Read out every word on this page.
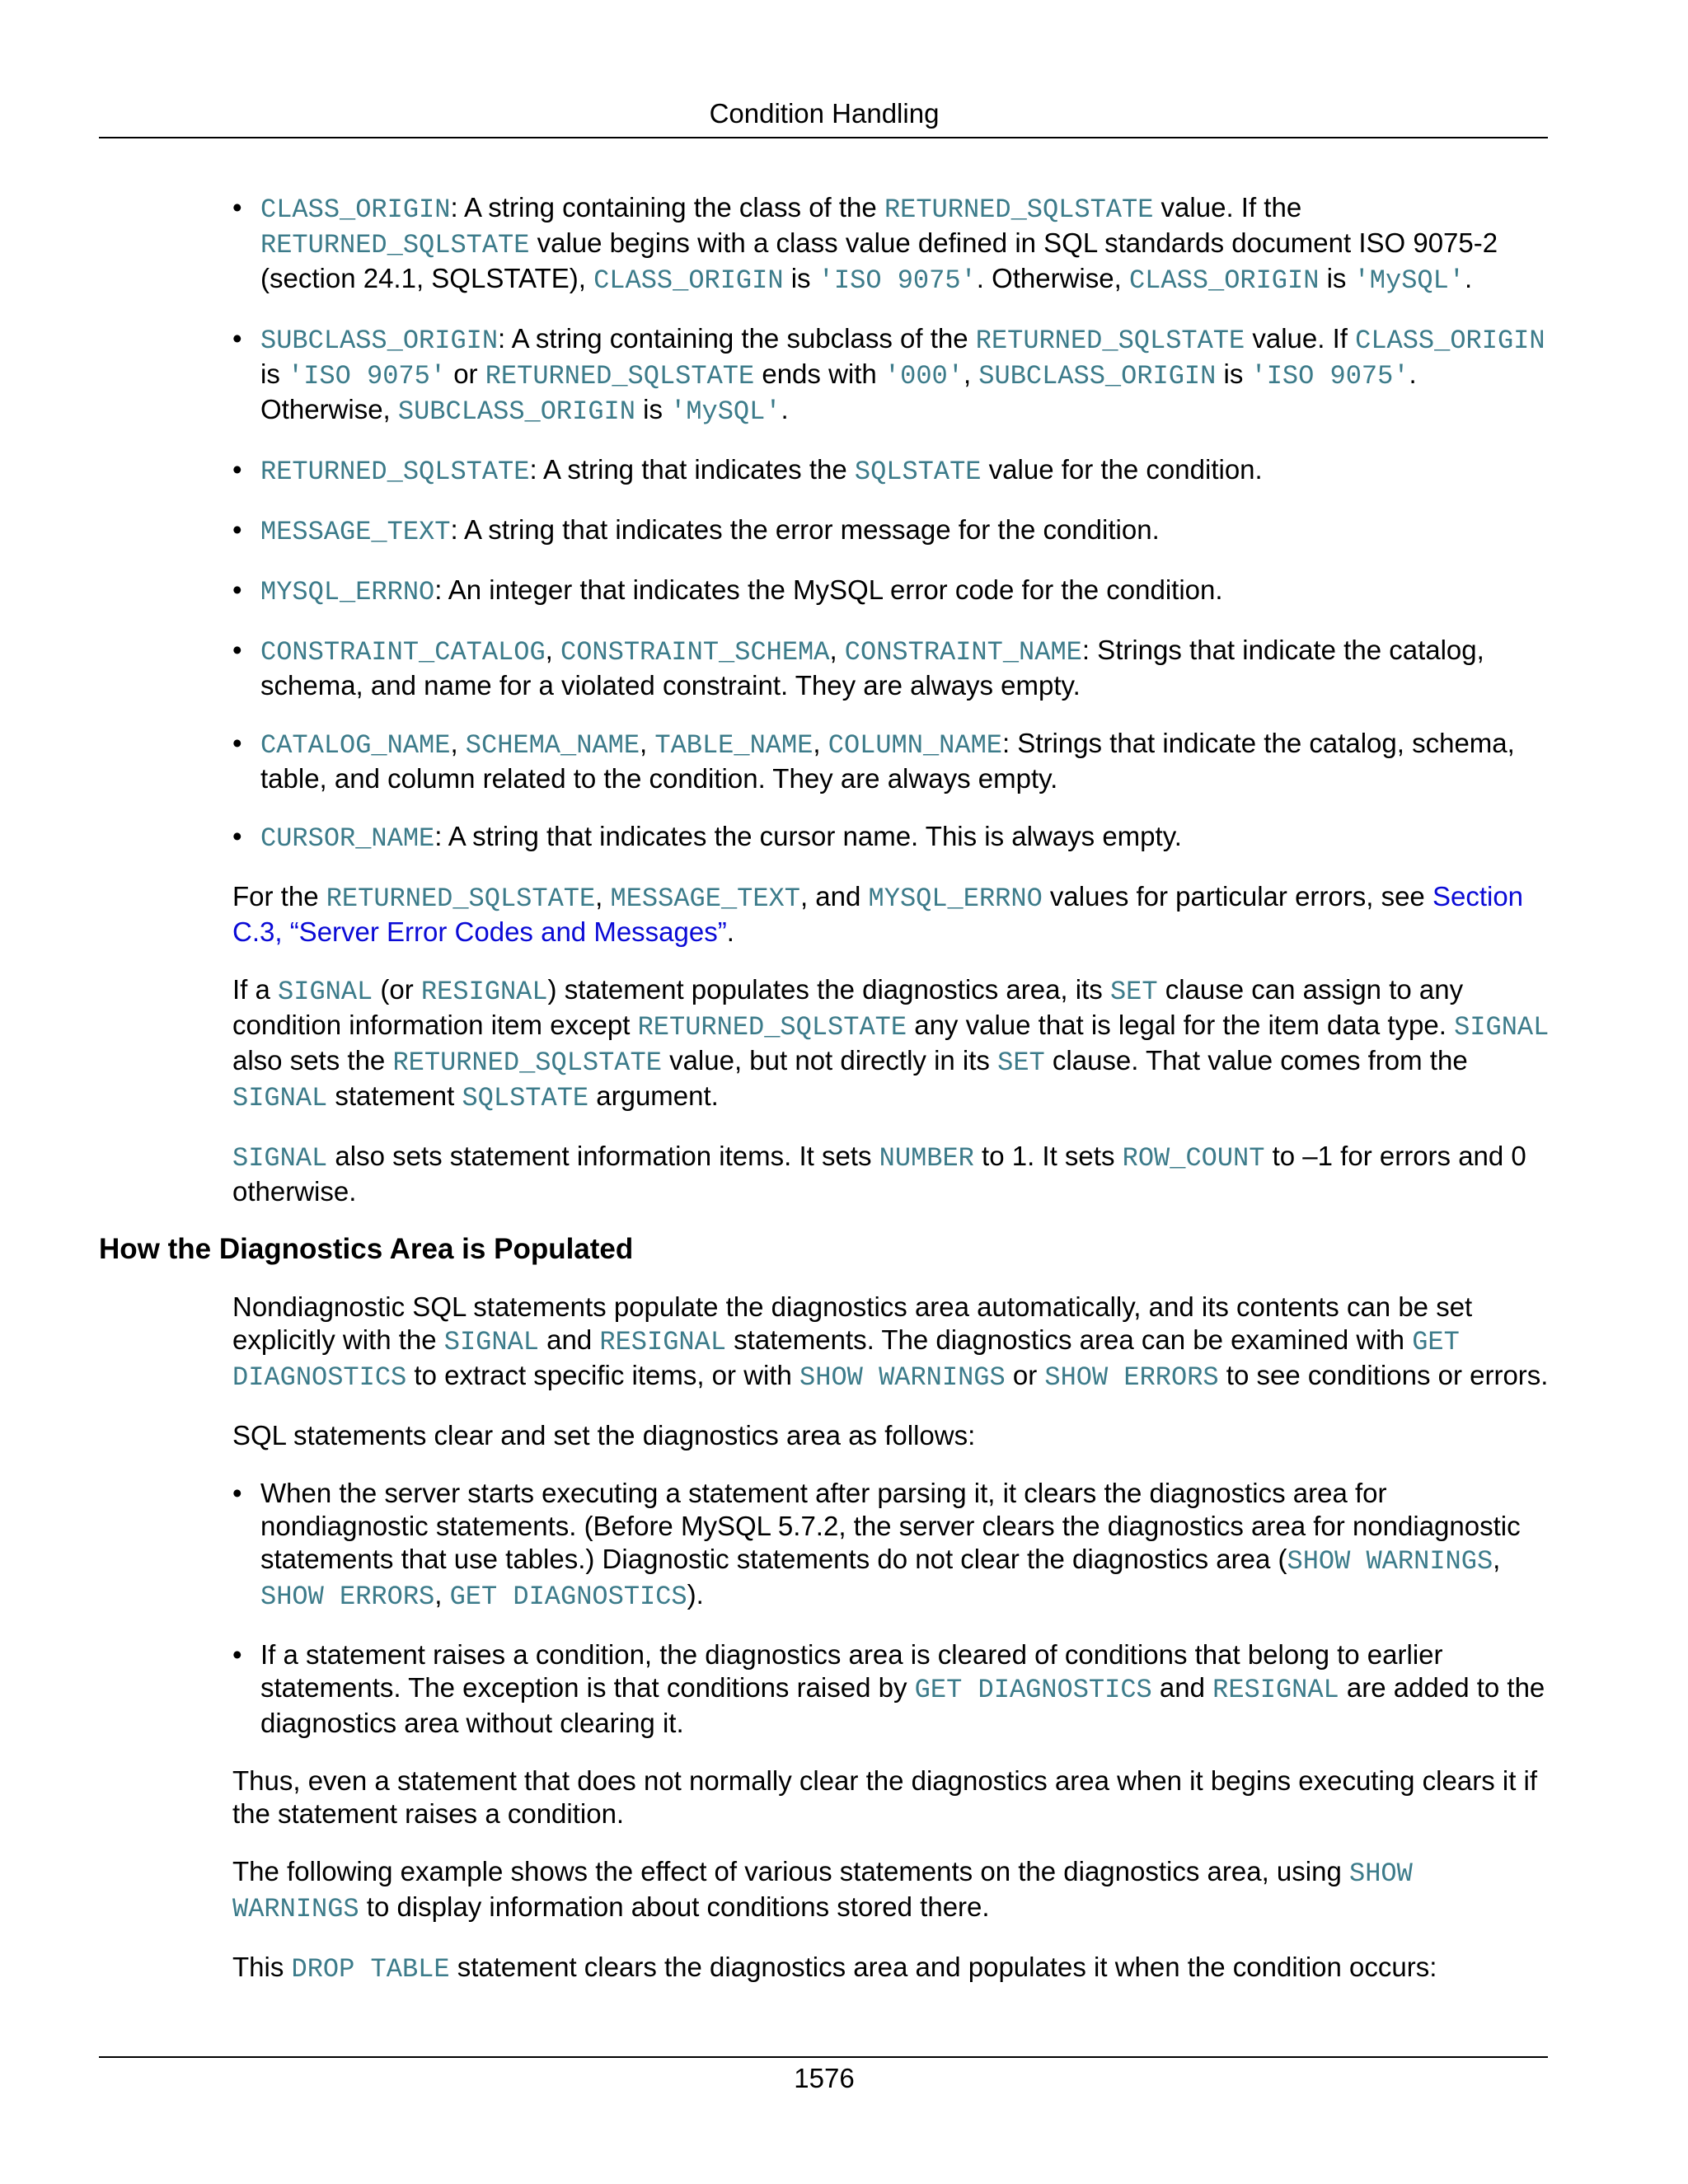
Condition Handling
• CLASS_ORIGIN: A string containing the class of the RETURNED_SQLSTATE value. If the RETURNED_SQLSTATE value begins with a class value defined in SQL standards document ISO 9075-2 (section 24.1, SQLSTATE), CLASS_ORIGIN is 'ISO 9075'. Otherwise, CLASS_ORIGIN is 'MySQL'.
• SUBCLASS_ORIGIN: A string containing the subclass of the RETURNED_SQLSTATE value. If CLASS_ORIGIN is 'ISO 9075' or RETURNED_SQLSTATE ends with '000', SUBCLASS_ORIGIN is 'ISO 9075'. Otherwise, SUBCLASS_ORIGIN is 'MySQL'.
• RETURNED_SQLSTATE: A string that indicates the SQLSTATE value for the condition.
• MESSAGE_TEXT: A string that indicates the error message for the condition.
• MYSQL_ERRNO: An integer that indicates the MySQL error code for the condition.
• CONSTRAINT_CATALOG, CONSTRAINT_SCHEMA, CONSTRAINT_NAME: Strings that indicate the catalog, schema, and name for a violated constraint. They are always empty.
• CATALOG_NAME, SCHEMA_NAME, TABLE_NAME, COLUMN_NAME: Strings that indicate the catalog, schema, table, and column related to the condition. They are always empty.
• CURSOR_NAME: A string that indicates the cursor name. This is always empty.

For the RETURNED_SQLSTATE, MESSAGE_TEXT, and MYSQL_ERRNO values for particular errors, see Section C.3, “Server Error Codes and Messages”.

If a SIGNAL (or RESIGNAL) statement populates the diagnostics area, its SET clause can assign to any condition information item except RETURNED_SQLSTATE any value that is legal for the item data type. SIGNAL also sets the RETURNED_SQLSTATE value, but not directly in its SET clause. That value comes from the SIGNAL statement SQLSTATE argument.

SIGNAL also sets statement information items. It sets NUMBER to 1. It sets ROW_COUNT to –1 for errors and 0 otherwise.

How the Diagnostics Area is Populated

Nondiagnostic SQL statements populate the diagnostics area automatically, and its contents can be set explicitly with the SIGNAL and RESIGNAL statements. The diagnostics area can be examined with GET DIAGNOSTICS to extract specific items, or with SHOW WARNINGS or SHOW ERRORS to see conditions or errors.

SQL statements clear and set the diagnostics area as follows:

• When the server starts executing a statement after parsing it, it clears the diagnostics area for nondiagnostic statements. (Before MySQL 5.7.2, the server clears the diagnostics area for nondiagnostic statements that use tables.) Diagnostic statements do not clear the diagnostics area (SHOW WARNINGS, SHOW ERRORS, GET DIAGNOSTICS).
• If a statement raises a condition, the diagnostics area is cleared of conditions that belong to earlier statements. The exception is that conditions raised by GET DIAGNOSTICS and RESIGNAL are added to the diagnostics area without clearing it.

Thus, even a statement that does not normally clear the diagnostics area when it begins executing clears it if the statement raises a condition.

The following example shows the effect of various statements on the diagnostics area, using SHOW WARNINGS to display information about conditions stored there.

This DROP TABLE statement clears the diagnostics area and populates it when the condition occurs:

1576
